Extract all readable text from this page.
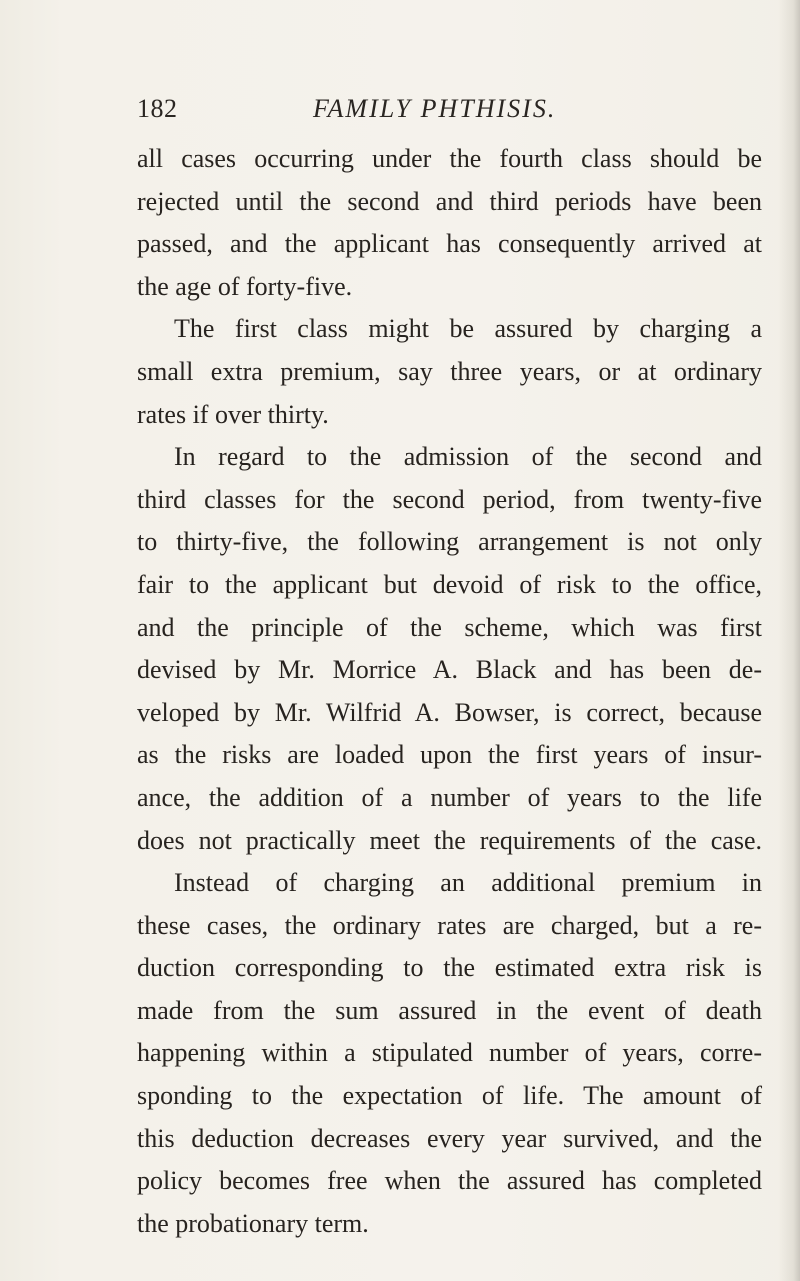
182	FAMILY PHTHISIS.
all cases occurring under the fourth class should be
rejected until the second and third periods have been
passed, and the applicant has consequently arrived at
the age of forty-five.
The first class might be assured by charging a
small extra premium, say three years, or at ordinary
rates if over thirty.
In regard to the admission of the second and
third classes for the second period, from twenty-five
to thirty-five, the following arrangement is not only
fair to the applicant but devoid of risk to the office,
and the principle of the scheme, which was first
devised by Mr. Morrice A. Black and has been de-
veloped by Mr. Wilfrid A. Bowser, is correct, because
as the risks are loaded upon the first years of insur-
ance, the addition of a number of years to the life
does not practically meet the requirements of the case.
Instead of charging an additional premium in
these cases, the ordinary rates are charged, but a re-
duction corresponding to the estimated extra risk is
made from the sum assured in the event of death
happening within a stipulated number of years, corre-
sponding to the expectation of life. The amount of
this deduction decreases every year survived, and the
policy becomes free when the assured has completed
the probationary term.
